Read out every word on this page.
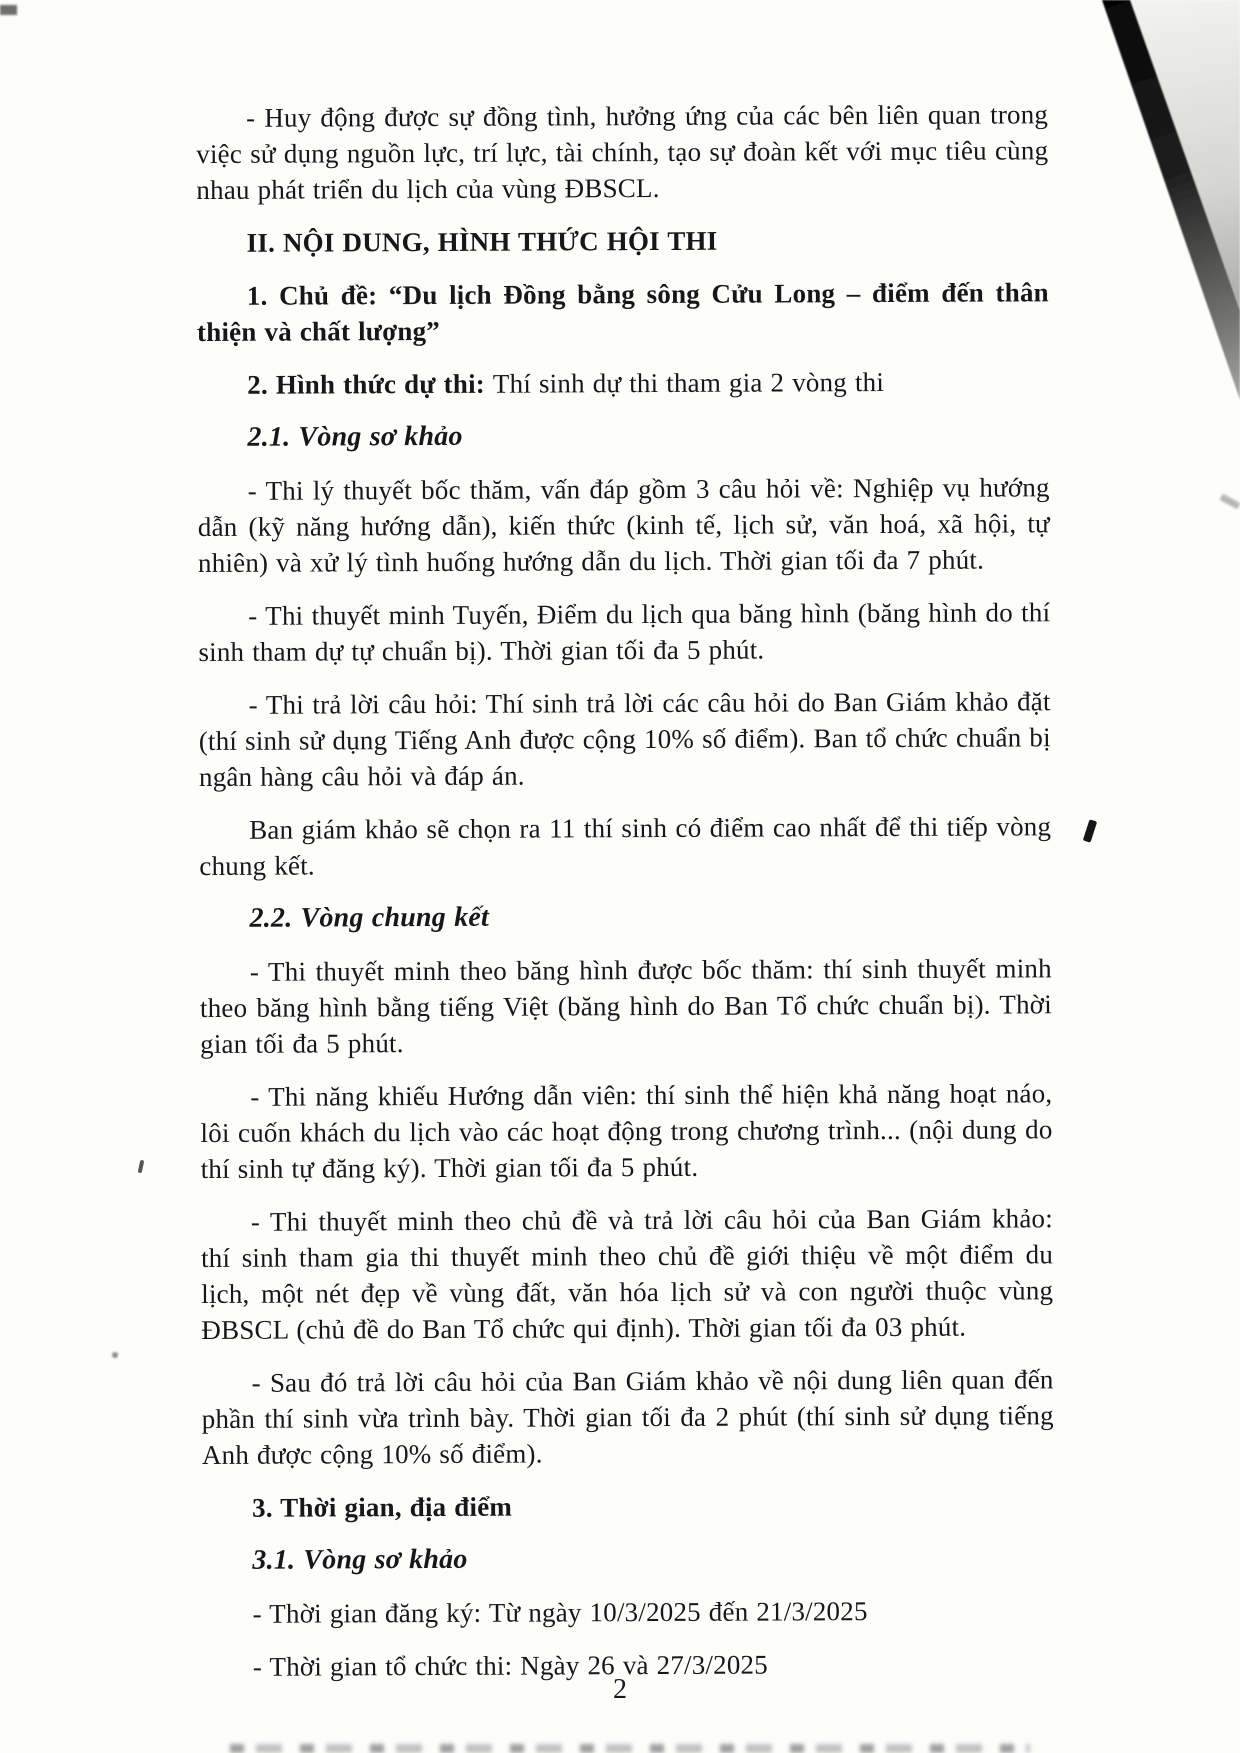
- Huy động được sự đồng tình, hưởng ứng của các bên liên quan trong việc sử dụng nguồn lực, trí lực, tài chính, tạo sự đoàn kết với mục tiêu cùng nhau phát triển du lịch của vùng ĐBSCL.

II. NỘI DUNG, HÌNH THỨC HỘI THI

1. Chủ đề: “Du lịch Đồng bằng sông Cửu Long – điểm đến thân thiện và chất lượng”

2. Hình thức dự thi: Thí sinh dự thi tham gia 2 vòng thi

2.1. Vòng sơ khảo

- Thi lý thuyết bốc thăm, vấn đáp gồm 3 câu hỏi về: Nghiệp vụ hướng dẫn (kỹ năng hướng dẫn), kiến thức (kinh tế, lịch sử, văn hoá, xã hội, tự nhiên) và xử lý tình huống hướng dẫn du lịch. Thời gian tối đa 7 phút.

- Thi thuyết minh Tuyến, Điểm du lịch qua băng hình (băng hình do thí sinh tham dự tự chuẩn bị). Thời gian tối đa 5 phút.

- Thi trả lời câu hỏi: Thí sinh trả lời các câu hỏi do Ban Giám khảo đặt (thí sinh sử dụng Tiếng Anh được cộng 10% số điểm). Ban tổ chức chuẩn bị ngân hàng câu hỏi và đáp án.

Ban giám khảo sẽ chọn ra 11 thí sinh có điểm cao nhất để thi tiếp vòng chung kết.

2.2. Vòng chung kết

- Thi thuyết minh theo băng hình được bốc thăm: thí sinh thuyết minh theo băng hình bằng tiếng Việt (băng hình do Ban Tổ chức chuẩn bị). Thời gian tối đa 5 phút.

- Thi năng khiếu Hướng dẫn viên: thí sinh thể hiện khả năng hoạt náo, lôi cuốn khách du lịch vào các hoạt động trong chương trình... (nội dung do thí sinh tự đăng ký). Thời gian tối đa 5 phút.

- Thi thuyết minh theo chủ đề và trả lời câu hỏi của Ban Giám khảo: thí sinh tham gia thi thuyết minh theo chủ đề giới thiệu về một điểm du lịch, một nét đẹp về vùng đất, văn hóa lịch sử và con người thuộc vùng ĐBSCL (chủ đề do Ban Tổ chức qui định). Thời gian tối đa 03 phút.

- Sau đó trả lời câu hỏi của Ban Giám khảo về nội dung liên quan đến phần thí sinh vừa trình bày. Thời gian tối đa 2 phút (thí sinh sử dụng tiếng Anh được cộng 10% số điểm).

3. Thời gian, địa điểm

3.1. Vòng sơ khảo

- Thời gian đăng ký: Từ ngày 10/3/2025 đến 21/3/2025

- Thời gian tổ chức thi: Ngày 26 và 27/3/2025

2
